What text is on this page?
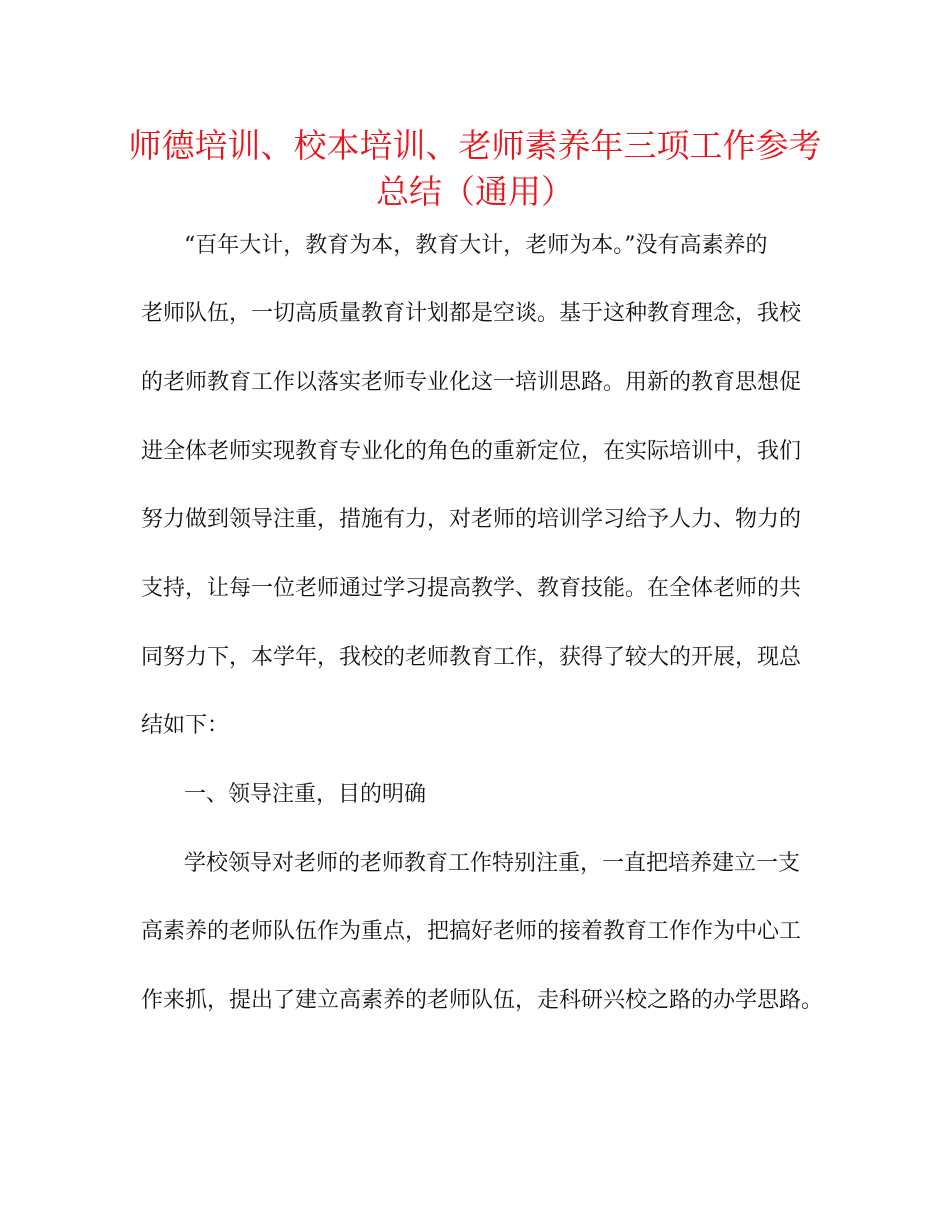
师德培训、校本培训、老师素养年三项工作参考
总结（通用）

“百年大计，教育为本，教育大计，老师为本。”没有高素养的

老师队伍，一切高质量教育计划都是空谈。基于这种教育理念，我校

的老师教育工作以落实老师专业化这一培训思路。用新的教育思想促

进全体老师实现教育专业化的角色的重新定位，在实际培训中，我们

努力做到领导注重，措施有力，对老师的培训学习给予人力、物力的

支持，让每一位老师通过学习提高教学、教育技能。在全体老师的共

同努力下，本学年，我校的老师教育工作，获得了较大的开展，现总

结如下：

一、领导注重，目的明确

学校领导对老师的老师教育工作特别注重，一直把培养建立一支

高素养的老师队伍作为重点，把搞好老师的接着教育工作作为中心工

作来抓，提出了建立高素养的老师队伍，走科研兴校之路的办学思路。
